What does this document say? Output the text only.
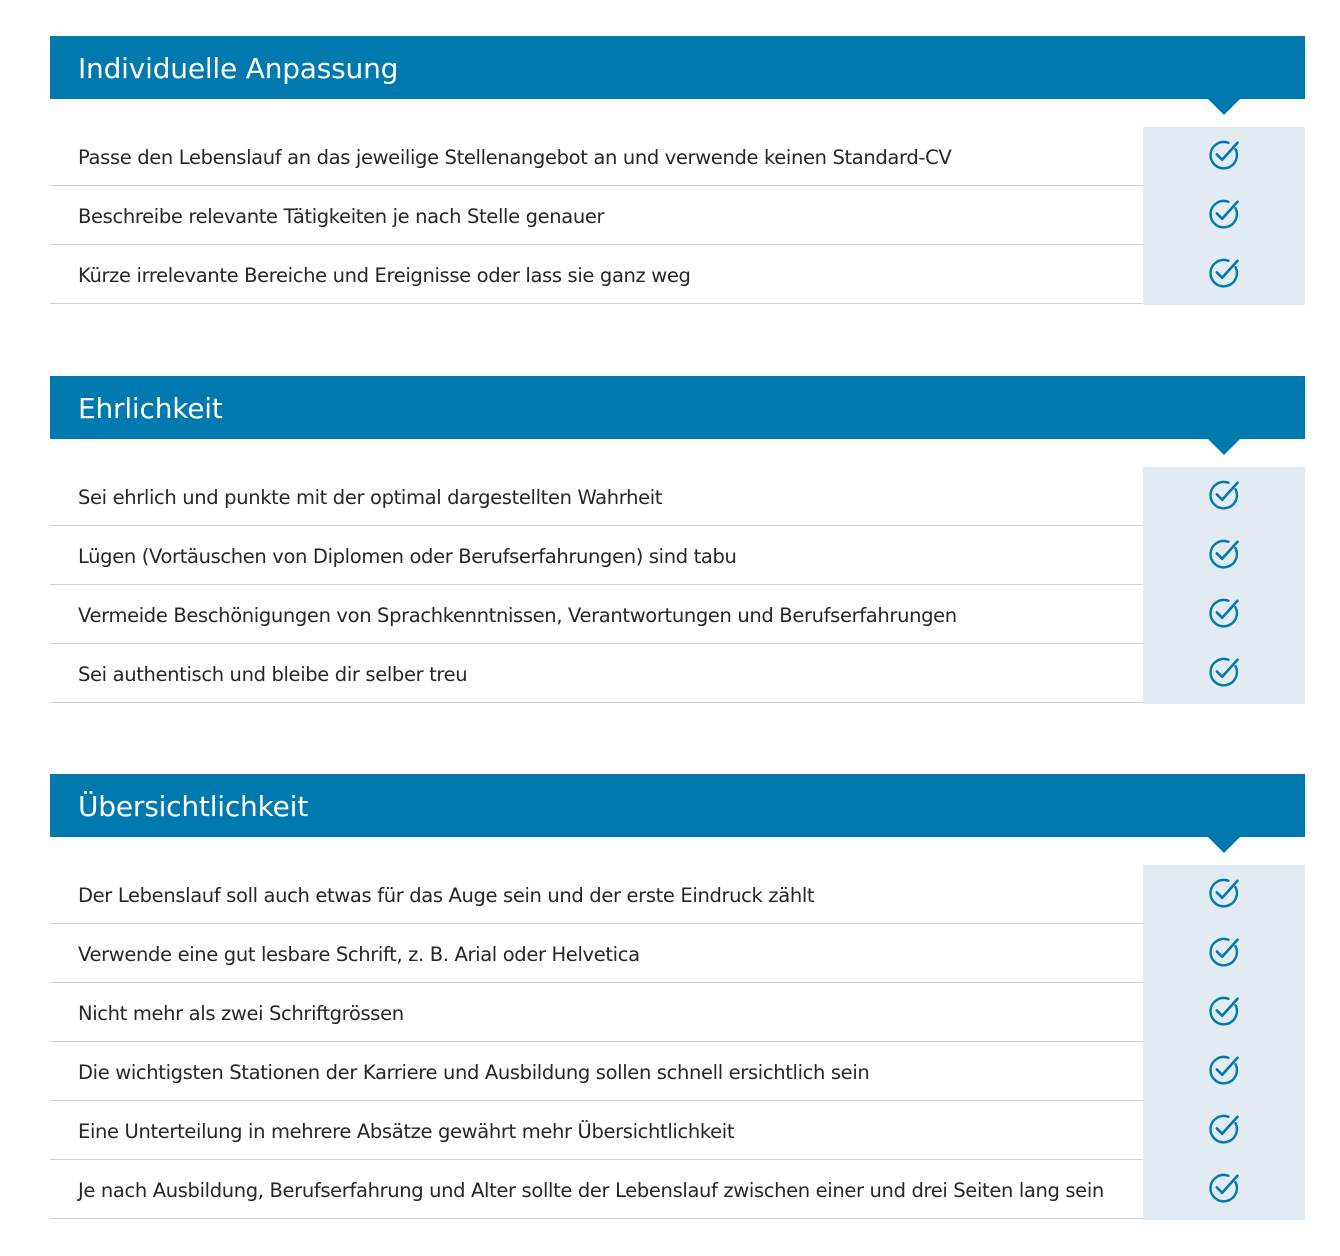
Individuelle Anpassung
Passe den Lebenslauf an das jeweilige Stellenangebot an und verwende keinen Standard-CV
Beschreibe relevante Tätigkeiten je nach Stelle genauer
Kürze irrelevante Bereiche und Ereignisse oder lass sie ganz weg
Ehrlichkeit
Sei ehrlich und punkte mit der optimal dargestellten Wahrheit
Lügen (Vortäuschen von Diplomen oder Berufserfahrungen) sind tabu
Vermeide Beschönigungen von Sprachkenntnissen, Verantwortungen und Berufserfahrungen
Sei authentisch und bleibe dir selber treu
Übersichtlichkeit
Der Lebenslauf soll auch etwas für das Auge sein und der erste Eindruck zählt
Verwende eine gut lesbare Schrift, z. B. Arial oder Helvetica
Nicht mehr als zwei Schriftgrössen
Die wichtigsten Stationen der Karriere und Ausbildung sollen schnell ersichtlich sein
Eine Unterteilung in mehrere Absätze gewährt mehr Übersichtlichkeit
Je nach Ausbildung, Berufserfahrung und Alter sollte der Lebenslauf zwischen einer und drei Seiten lang sein
